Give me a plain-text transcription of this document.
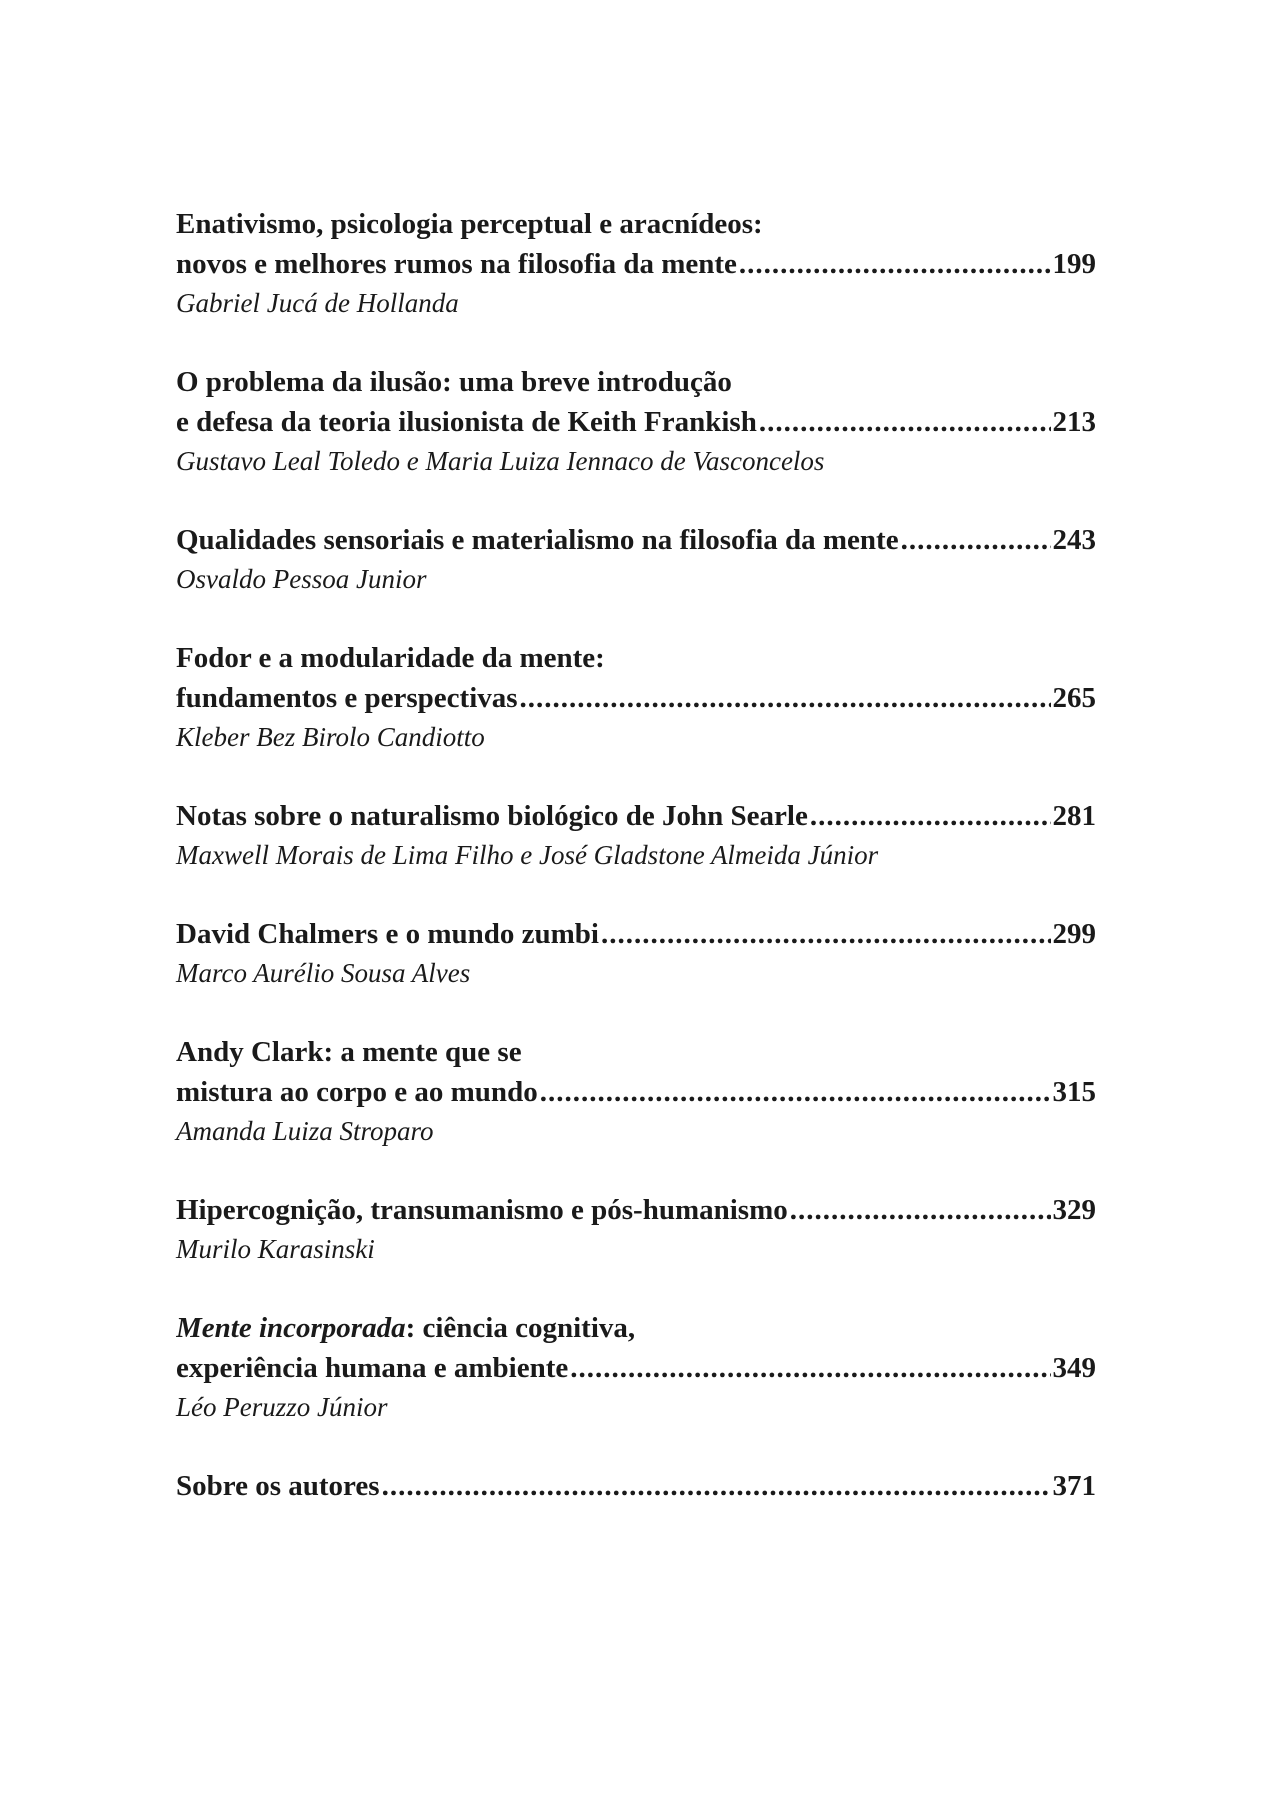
Enativismo, psicologia perceptual e aracnídeos:
novos e melhores rumos na filosofia da mente .....	199
Gabriel Jucá de Hollanda
O problema da ilusão: uma breve introdução
e defesa da teoria ilusionista de Keith Frankish .....	213
Gustavo Leal Toledo e Maria Luiza Iennaco de Vasconcelos
Qualidades sensoriais e materialismo na filosofia da mente .....	243
Osvaldo Pessoa Junior
Fodor e a modularidade da mente:
fundamentos e perspectivas .....	265
Kleber Bez Birolo Candiotto
Notas sobre o naturalismo biológico de John Searle .....	281
Maxwell Morais de Lima Filho e José Gladstone Almeida Júnior
David Chalmers e o mundo zumbi .....	299
Marco Aurélio Sousa Alves
Andy Clark: a mente que se
mistura ao corpo e ao mundo .....	315
Amanda Luiza Stroparo
Hipercognição, transumanismo e pós-humanismo .....	329
Murilo Karasinski
Mente incorporada: ciência cognitiva,
experiência humana e ambiente .....	349
Léo Peruzzo Júnior
Sobre os autores .....	371
